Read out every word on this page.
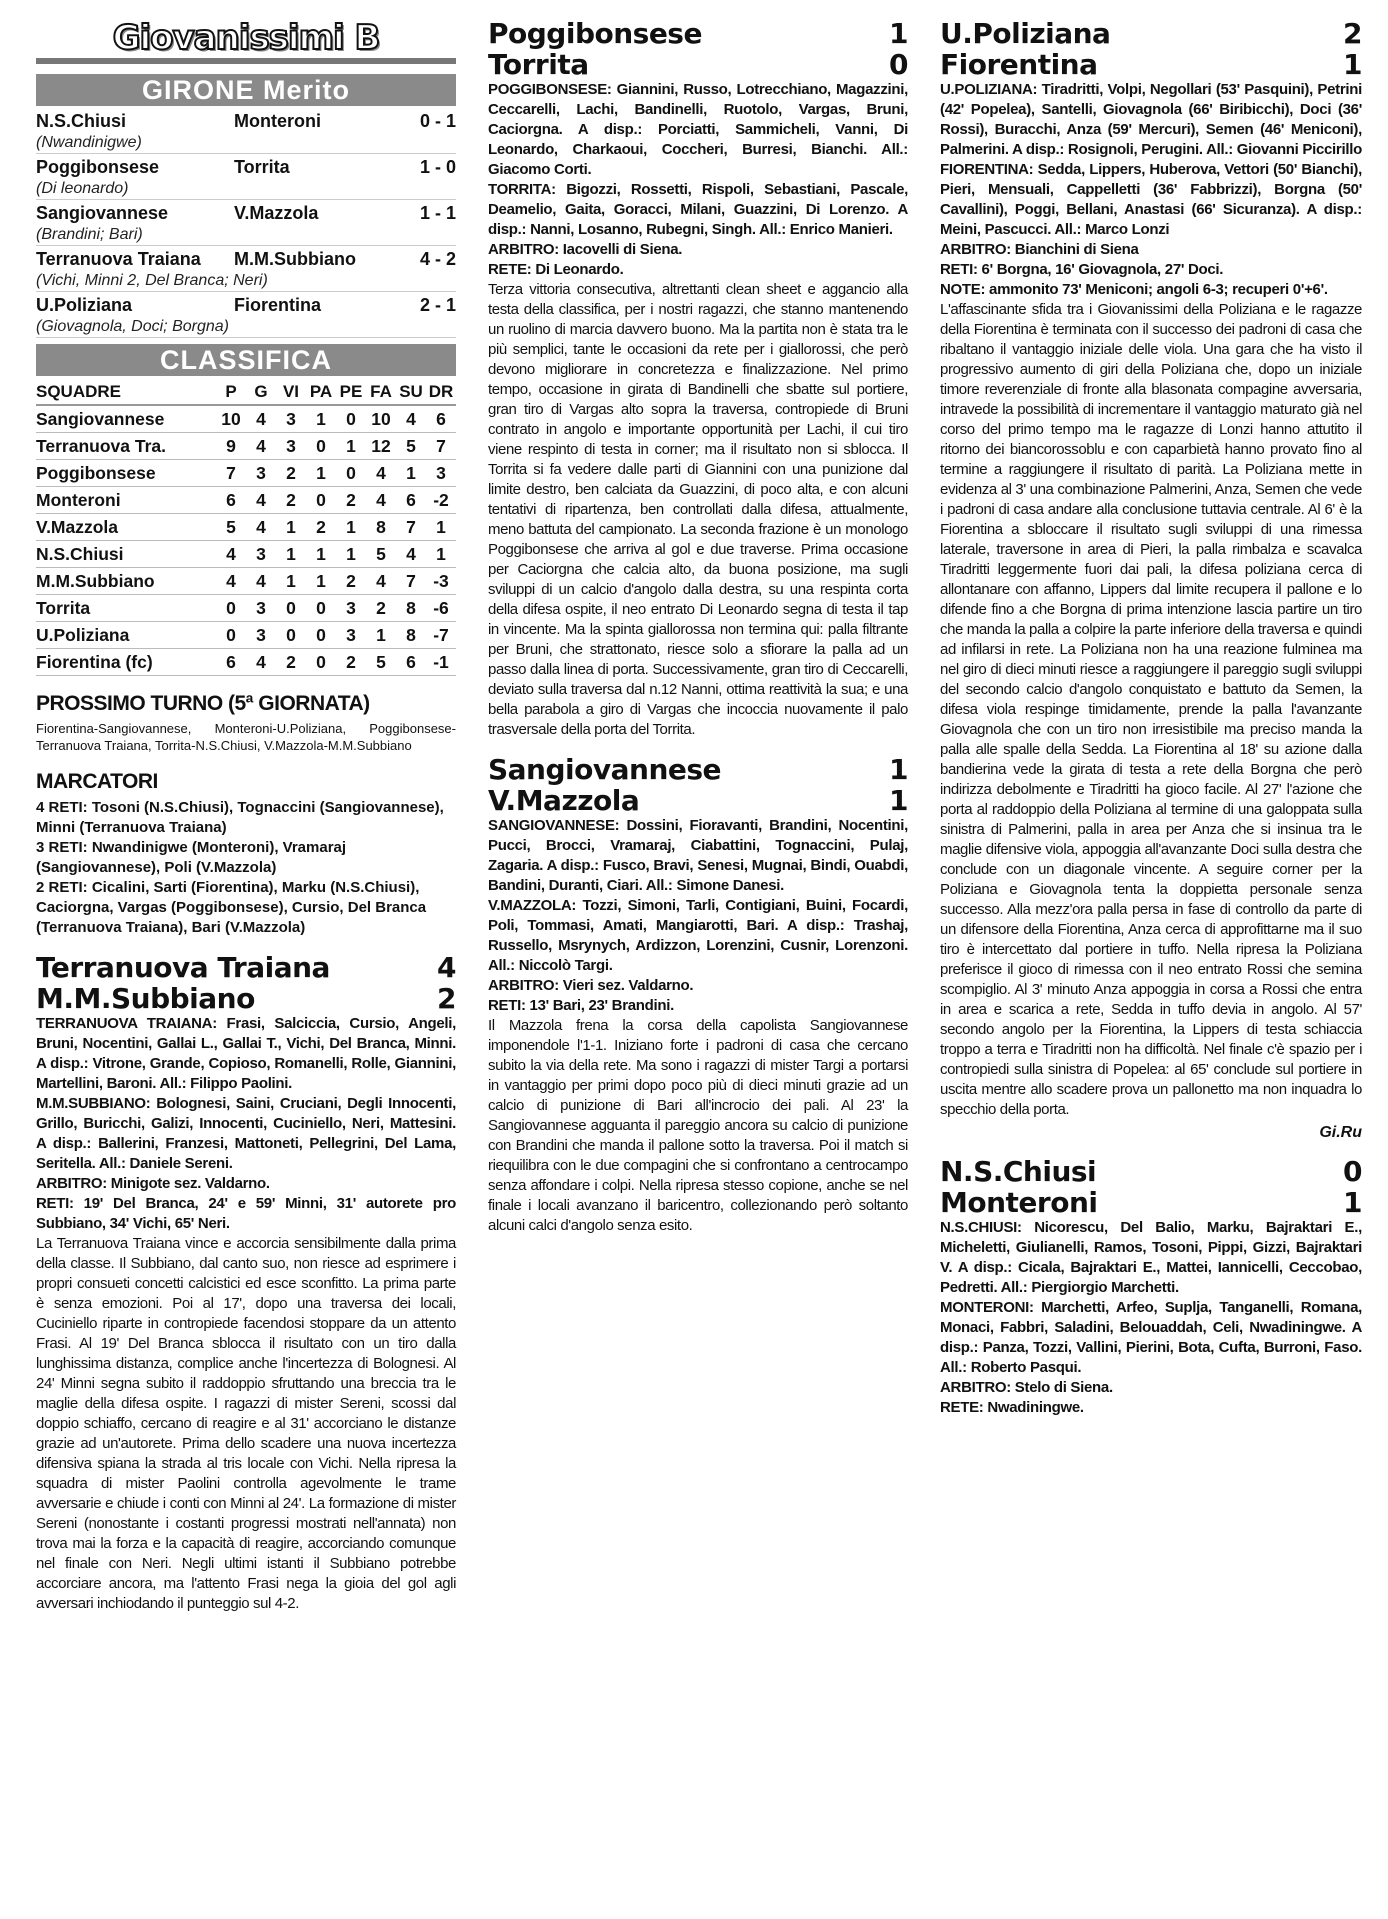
Giovanissimi B
GIRONE Merito
N.S.Chiusi	Monteroni	0 - 1
(Nwandinigwe)
Poggibonsese	Torrita	1 - 0
(Di leonardo)
Sangiovannese	V.Mazzola	1 - 1
(Brandini; Bari)
Terranuova Traiana	M.M.Subbiano	4 - 2
(Vichi, Minni 2, Del Branca; Neri)
U.Poliziana	Fiorentina	2 - 1
(Giovagnola, Doci; Borgna)
CLASSIFICA
SQUADRE	P	G	VI	PA	PE	FA	SU	DR
Sangiovannese	10	4	3	1	0	10	4	6
Terranuova Tra.	9	4	3	0	1	12	5	7
Poggibonsese	7	3	2	1	0	4	1	3
Monteroni	6	4	2	0	2	4	6	-2
V.Mazzola	5	4	1	2	1	8	7	1
N.S.Chiusi	4	3	1	1	1	5	4	1
M.M.Subbiano	4	4	1	1	2	4	7	-3
Torrita	0	3	0	0	3	2	8	-6
U.Poliziana	0	3	0	0	3	1	8	-7
Fiorentina (fc)	6	4	2	0	2	5	6	-1
PROSSIMO TURNO (5ª GIORNATA)
Fiorentina-Sangiovannese, Monteroni-U.Poliziana, Poggibonsese-Terranuova Traiana, Torrita-N.S.Chiusi, V.Mazzola-M.M.Subbiano
MARCATORI
4 RETI: Tosoni (N.S.Chiusi), Tognaccini (Sangiovannese), Minni (Terranuova Traiana)
3 RETI: Nwandinigwe (Monteroni), Vramaraj (Sangiovannese), Poli (V.Mazzola)
2 RETI: Cicalini, Sarti (Fiorentina), Marku (N.S.Chiusi), Caciorgna, Vargas (Poggibonsese), Cursio, Del Branca (Terranuova Traiana), Bari (V.Mazzola)
Terranuova Traiana	4
M.M.Subbiano	2
TERRANUOVA TRAIANA: Frasi, Salciccia, Cursio, Angeli, Bruni, Nocentini, Gallai L., Gallai T., Vichi, Del Branca, Minni. A disp.: Vitrone, Grande, Copioso, Romanelli, Rolle, Giannini, Martellini, Baroni. All.: Filippo Paolini.
M.M.SUBBIANO: Bolognesi, Saini, Cruciani, Degli Innocenti, Grillo, Buricchi, Galizi, Innocenti, Cuciniello, Neri, Mattesini. A disp.: Ballerini, Franzesi, Mattoneti, Pellegrini, Del Lama, Seritella. All.: Daniele Sereni.
ARBITRO: Minigote sez. Valdarno.
RETI: 19' Del Branca, 24' e 59' Minni, 31' autorete pro Subbiano, 34' Vichi, 65' Neri.
La Terranuova Traiana vince e accorcia sensibilmente dalla prima della classe. Il Subbiano, dal canto suo, non riesce ad esprimere i propri consueti concetti calcistici ed esce sconfitto. La prima parte è senza emozioni. Poi al 17', dopo una traversa dei locali, Cuciniello riparte in contropiede facendosi stoppare da un attento Frasi. Al 19' Del Branca sblocca il risultato con un tiro dalla lunghissima distanza, complice anche l'incertezza di Bolognesi. Al 24' Minni segna subito il raddoppio sfruttando una breccia tra le maglie della difesa ospite. I ragazzi di mister Sereni, scossi dal doppio schiaffo, cercano di reagire e al 31' accorciano le distanze grazie ad un'autorete. Prima dello scadere una nuova incertezza difensiva spiana la strada al tris locale con Vichi. Nella ripresa la squadra di mister Paolini controlla agevolmente le trame avversarie e chiude i conti con Minni al 24'. La formazione di mister Sereni (nonostante i costanti progressi mostrati nell'annata) non trova mai la forza e la capacità di reagire, accorciando comunque nel finale con Neri. Negli ultimi istanti il Subbiano potrebbe accorciare ancora, ma l'attento Frasi nega la gioia del gol agli avversari inchiodando il punteggio sul 4-2.
Poggibonsese	1
Torrita	0
POGGIBONSESE: Giannini, Russo, Lotrecchiano, Magazzini, Ceccarelli, Lachi, Bandinelli, Ruotolo, Vargas, Bruni, Caciorgna. A disp.: Porciatti, Sammicheli, Vanni, Di Leonardo, Charkaoui, Coccheri, Burresi, Bianchi. All.: Giacomo Corti.
TORRITA: Bigozzi, Rossetti, Rispoli, Sebastiani, Pascale, Deamelio, Gaita, Goracci, Milani, Guazzini, Di Lorenzo. A disp.: Nanni, Losanno, Rubegni, Singh. All.: Enrico Manieri.
ARBITRO: Iacovelli di Siena.
RETE: Di Leonardo.
Terza vittoria consecutiva, altrettanti clean sheet e aggancio alla testa della classifica, per i nostri ragazzi, che stanno mantenendo un ruolino di marcia davvero buono. Ma la partita non è stata tra le più semplici, tante le occasioni da rete per i giallorossi, che però devono migliorare in concretezza e finalizzazione. Nel primo tempo, occasione in girata di Bandinelli che sbatte sul portiere, gran tiro di Vargas alto sopra la traversa, contropiede di Bruni contrato in angolo e importante opportunità per Lachi, il cui tiro viene respinto di testa in corner; ma il risultato non si sblocca. Il Torrita si fa vedere dalle parti di Giannini con una punizione dal limite destro, ben calciata da Guazzini, di poco alta, e con alcuni tentativi di ripartenza, ben controllati dalla difesa, attualmente, meno battuta del campionato. La seconda frazione è un monologo Poggibonsese che arriva al gol e due traverse. Prima occasione per Caciorgna che calcia alto, da buona posizione, ma sugli sviluppi di un calcio d'angolo dalla destra, su una respinta corta della difesa ospite, il neo entrato Di Leonardo segna di testa il tap in vincente. Ma la spinta giallorossa non termina qui: palla filtrante per Bruni, che strattonato, riesce solo a sfiorare la palla ad un passo dalla linea di porta. Successivamente, gran tiro di Ceccarelli, deviato sulla traversa dal n.12 Nanni, ottima reattività la sua; e una bella parabola a giro di Vargas che incoccia nuovamente il palo trasversale della porta del Torrita.
Sangiovannese	1
V.Mazzola	1
SANGIOVANNESE: Dossini, Fioravanti, Brandini, Nocentini, Pucci, Brocci, Vramaraj, Ciabattini, Tognaccini, Pulaj, Zagaria. A disp.: Fusco, Bravi, Senesi, Mugnai, Bindi, Ouabdi, Bandini, Duranti, Ciari. All.: Simone Danesi.
V.MAZZOLA: Tozzi, Simoni, Tarli, Contigiani, Buini, Focardi, Poli, Tommasi, Amati, Mangiarotti, Bari. A disp.: Trashaj, Russello, Msrynych, Ardizzon, Lorenzini, Cusnir, Lorenzoni. All.: Niccolò Targi.
ARBITRO: Vieri sez. Valdarno.
RETI: 13' Bari, 23' Brandini.
Il Mazzola frena la corsa della capolista Sangiovannese imponendole l'1-1. Iniziano forte i padroni di casa che cercano subito la via della rete. Ma sono i ragazzi di mister Targi a portarsi in vantaggio per primi dopo poco più di dieci minuti grazie ad un calcio di punizione di Bari all'incrocio dei pali. Al 23' la Sangiovannese agguanta il pareggio ancora su calcio di punizione con Brandini che manda il pallone sotto la traversa. Poi il match si riequilibra con le due compagini che si confrontano a centrocampo senza affondare i colpi. Nella ripresa stesso copione, anche se nel finale i locali avanzano il baricentro, collezionando però soltanto alcuni calci d'angolo senza esito.
U.Poliziana	2
Fiorentina	1
U.POLIZIANA: Tiradritti, Volpi, Negollari (53' Pasquini), Petrini (42' Popelea), Santelli, Giovagnola (66' Biribicchi), Doci (36' Rossi), Buracchi, Anza (59' Mercuri), Semen (46' Meniconi), Palmerini. A disp.: Rosignoli, Perugini. All.: Giovanni Piccirillo
FIORENTINA: Sedda, Lippers, Huberova, Vettori (50' Bianchi), Pieri, Mensuali, Cappelletti (36' Fabbrizzi), Borgna (50' Cavallini), Poggi, Bellani, Anastasi (66' Sicuranza). A disp.: Meini, Pascucci. All.: Marco Lonzi
ARBITRO: Bianchini di Siena
RETI: 6' Borgna, 16' Giovagnola, 27' Doci.
NOTE: ammonito 73' Meniconi; angoli 6-3; recuperi 0'+6'.
L'affascinante sfida tra i Giovanissimi della Poliziana e le ragazze della Fiorentina è terminata con il successo dei padroni di casa che ribaltano il vantaggio iniziale delle viola. Una gara che ha visto il progressivo aumento di giri della Poliziana che, dopo un iniziale timore reverenziale di fronte alla blasonata compagine avversaria, intravede la possibilità di incrementare il vantaggio maturato già nel corso del primo tempo ma le ragazze di Lonzi hanno attutito il ritorno dei biancorossoblu e con caparbietà hanno provato fino al termine a raggiungere il risultato di parità. La Poliziana mette in evidenza al 3' una combinazione Palmerini, Anza, Semen che vede i padroni di casa andare alla conclusione tuttavia centrale. Al 6' è la Fiorentina a sbloccare il risultato sugli sviluppi di una rimessa laterale, traversone in area di Pieri, la palla rimbalza e scavalca Tiradritti leggermente fuori dai pali, la difesa poliziana cerca di allontanare con affanno, Lippers dal limite recupera il pallone e lo difende fino a che Borgna di prima intenzione lascia partire un tiro che manda la palla a colpire la parte inferiore della traversa e quindi ad infilarsi in rete. La Poliziana non ha una reazione fulminea ma nel giro di dieci minuti riesce a raggiungere il pareggio sugli sviluppi del secondo calcio d'angolo conquistato e battuto da Semen, la difesa viola respinge timidamente, prende la palla l'avanzante Giovagnola che con un tiro non irresistibile ma preciso manda la palla alle spalle della Sedda. La Fiorentina al 18' su azione dalla bandierina vede la girata di testa a rete della Borgna che però indirizza debolmente e Tiradritti ha gioco facile. Al 27' l'azione che porta al raddoppio della Poliziana al termine di una galoppata sulla sinistra di Palmerini, palla in area per Anza che si insinua tra le maglie difensive viola, appoggia all'avanzante Doci sulla destra che conclude con un diagonale vincente. A seguire corner per la Poliziana e Giovagnola tenta la doppietta personale senza successo. Alla mezz'ora palla persa in fase di controllo da parte di un difensore della Fiorentina, Anza cerca di approfittarne ma il suo tiro è intercettato dal portiere in tuffo. Nella ripresa la Poliziana preferisce il gioco di rimessa con il neo entrato Rossi che semina scompiglio. Al 3' minuto Anza appoggia in corsa a Rossi che entra in area e scarica a rete, Sedda in tuffo devia in angolo. Al 57' secondo angolo per la Fiorentina, la Lippers di testa schiaccia troppo a terra e Tiradritti non ha difficoltà. Nel finale c'è spazio per i contropiedi sulla sinistra di Popelea: al 65' conclude sul portiere in uscita mentre allo scadere prova un pallonetto ma non inquadra lo specchio della porta.
Gi.Ru
N.S.Chiusi	0
Monteroni	1
N.S.CHIUSI: Nicorescu, Del Balio, Marku, Bajraktari E., Micheletti, Giulianelli, Ramos, Tosoni, Pippi, Gizzi, Bajraktari V. A disp.: Cicala, Bajraktari E., Mattei, Iannicelli, Ceccobao, Pedretti. All.: Piergiorgio Marchetti.
MONTERONI: Marchetti, Arfeo, Suplja, Tanganelli, Romana, Monaci, Fabbri, Saladini, Belouaddah, Celi, Nwadiningwe. A disp.: Panza, Tozzi, Vallini, Pierini, Bota, Cufta, Burroni, Faso. All.: Roberto Pasqui.
ARBITRO: Stelo di Siena.
RETE: Nwadiningwe.
